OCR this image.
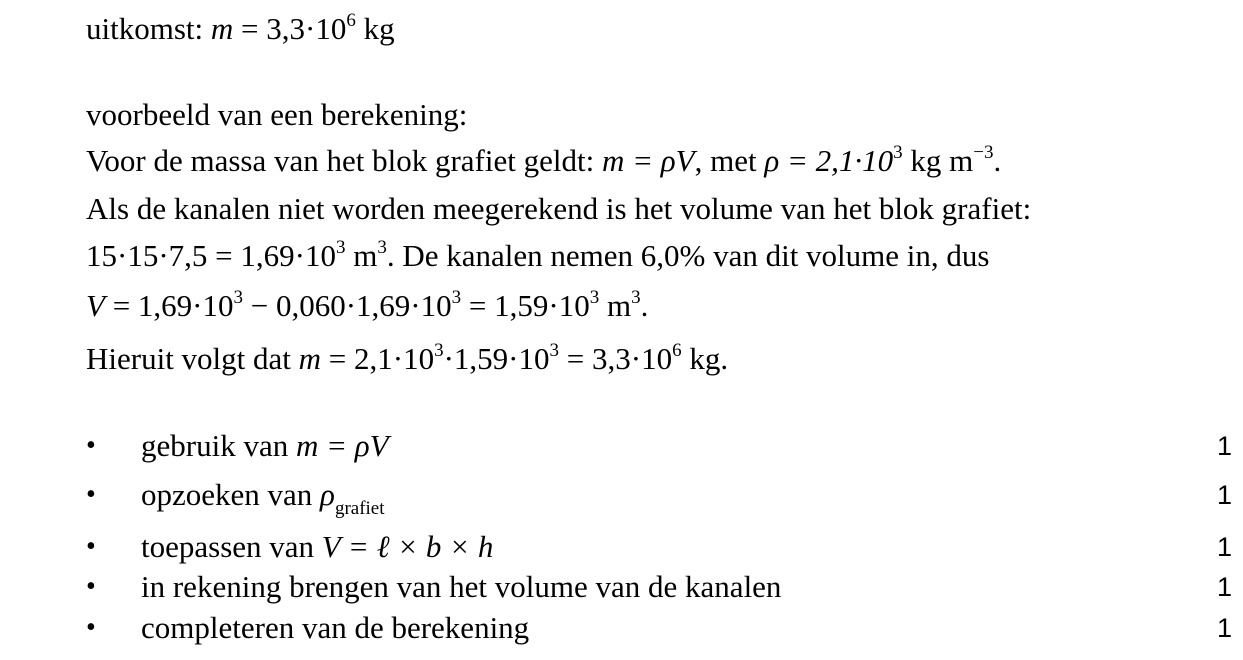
uitkomst: $m = 3,3\cdot 10^6$ kg
voorbeeld van een berekening:
Voor de massa van het blok grafiet geldt: m = ρV, met $\rho = 2,1\cdot 10^3$ kg $m^{-3}$.
Als de kanalen niet worden meegerekend is het volume van het blok grafiet:
$15\cdot 15\cdot 7,5 = 1,69\cdot 10^3$ $m^3$. De kanalen nemen 6,0% van dit volume in, dus
$V = 1,69\cdot 10^3 - 0,060\cdot 1,69\cdot 10^3 = 1,59\cdot 10^3$ $m^3$.
Hieruit volgt dat $m = 2,1\cdot 10^3\cdot 1,59\cdot 10^3 = 3,3\cdot 10^6$ kg.
• gebruik van m = ρV	1
• opzoeken van $\rho_{grafiet}$	1
• toepassen van V = ℓ × b × h	1
• in rekening brengen van het volume van de kanalen	1
• completeren van de berekening	1
